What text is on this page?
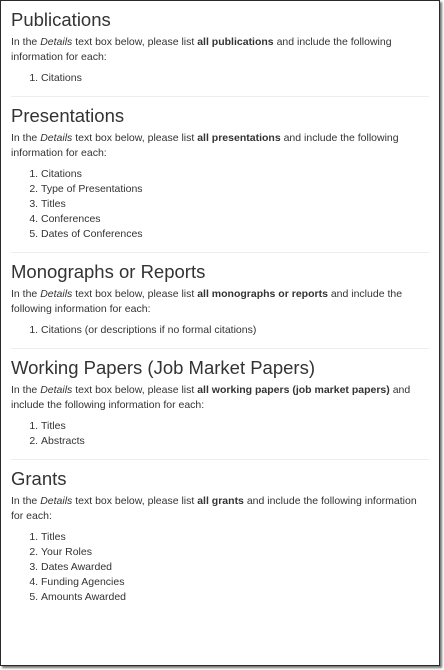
Publications

In the Details text box below, please list all publications and include the following information for each:

1. Citations
Presentations

In the Details text box below, please list all presentations and include the following information for each:

1. Citations
2. Type of Presentations
3. Titles
4. Conferences
5. Dates of Conferences
Monographs or Reports

In the Details text box below, please list all monographs or reports and include the following information for each:

1. Citations (or descriptions if no formal citations)
Working Papers (Job Market Papers)

In the Details text box below, please list all working papers (job market papers) and include the following information for each:

1. Titles
2. Abstracts
Grants

In the Details text box below, please list all grants and include the following information for each:

1. Titles
2. Your Roles
3. Dates Awarded
4. Funding Agencies
5. Amounts Awarded
